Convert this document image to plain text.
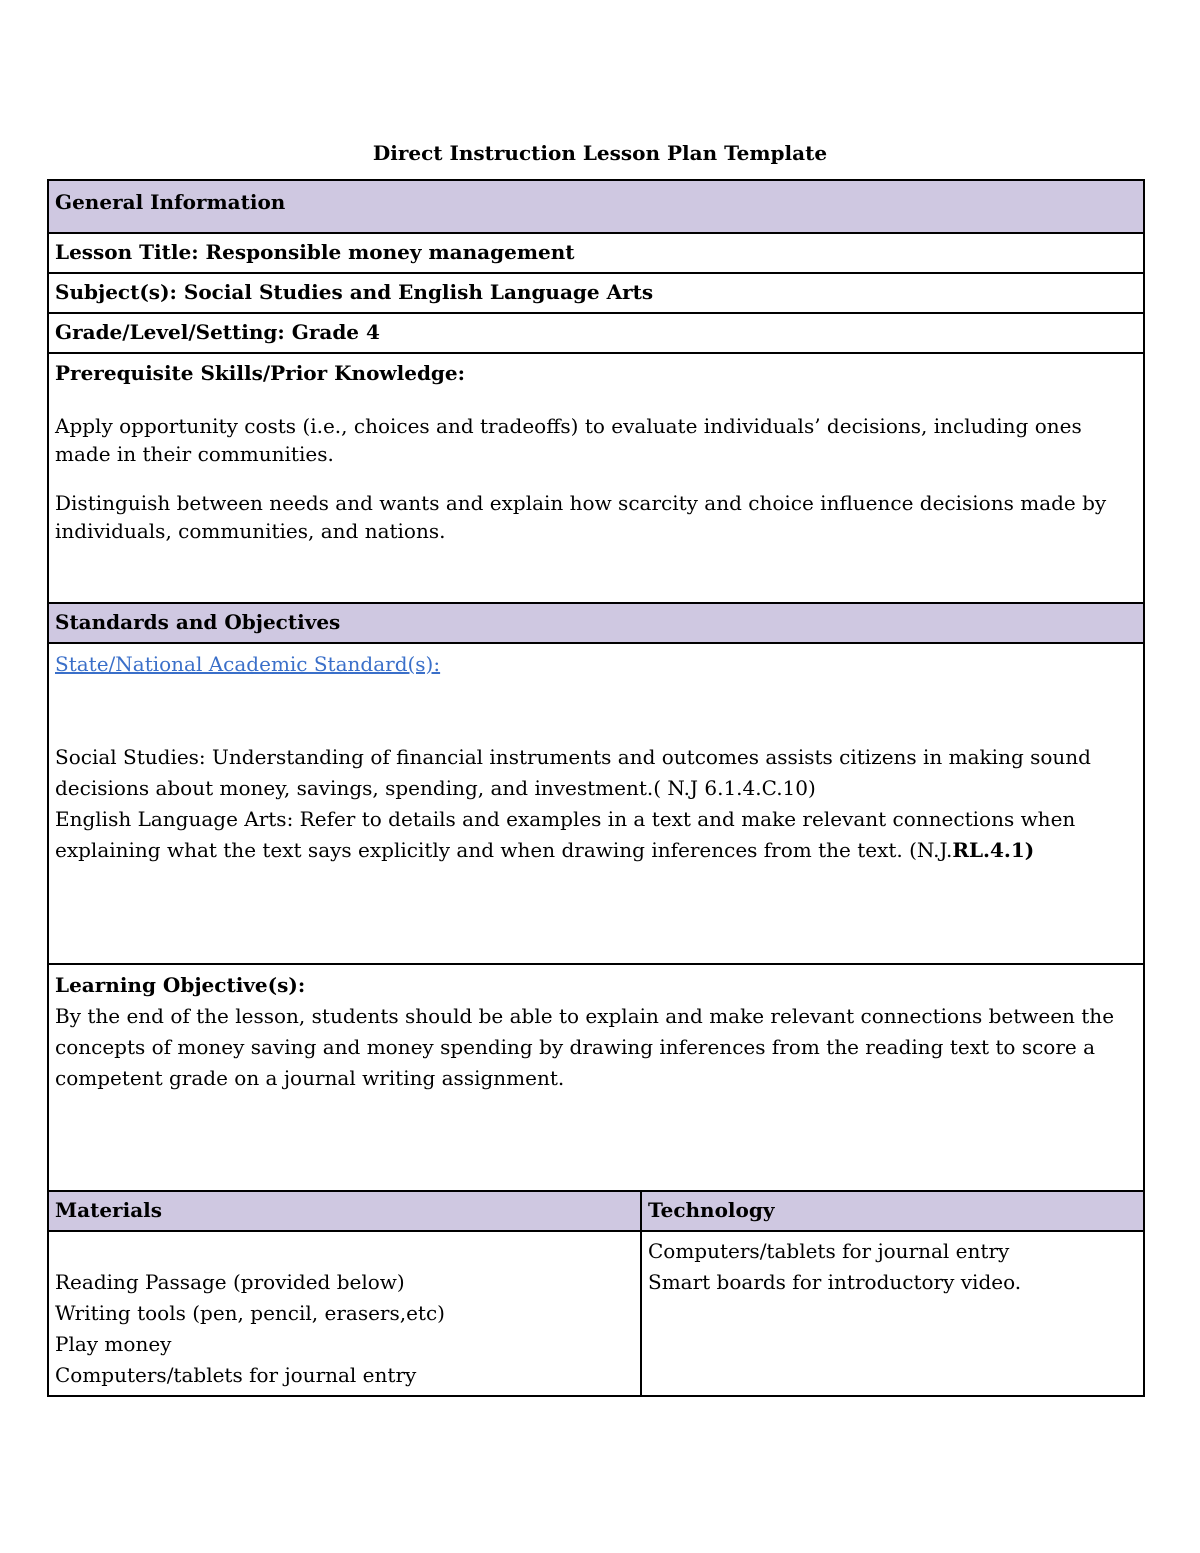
Direct Instruction Lesson Plan Template
General Information
Lesson Title: Responsible money management
Subject(s): Social Studies and English Language Arts
Grade/Level/Setting: Grade 4

Prerequisite Skills/Prior Knowledge:

Apply opportunity costs (i.e., choices and tradeoffs) to evaluate individuals’ decisions, including ones made in their communities.

Distinguish between needs and wants and explain how scarcity and choice influence decisions made by individuals, communities, and nations.

Standards and Objectives

State/National Academic Standard(s):

Social Studies: Understanding of financial instruments and outcomes assists citizens in making sound decisions about money, savings, spending, and investment.( N.J 6.1.4.C.10)

English Language Arts: Refer to details and examples in a text and make relevant connections when explaining what the text says explicitly and when drawing inferences from the text. (N.J.RL.4.1)

Learning Objective(s):

By the end of the lesson, students should be able to explain and make relevant connections between the concepts of money saving and money spending by drawing inferences from the reading text to score a competent grade on a journal writing assignment.

Materials	Technology

Reading Passage (provided below)

Writing tools (pen, pencil, erasers,etc)

Play money

Computers/tablets for journal entry

Computers/tablets for journal entry

Smart boards for introductory video.
